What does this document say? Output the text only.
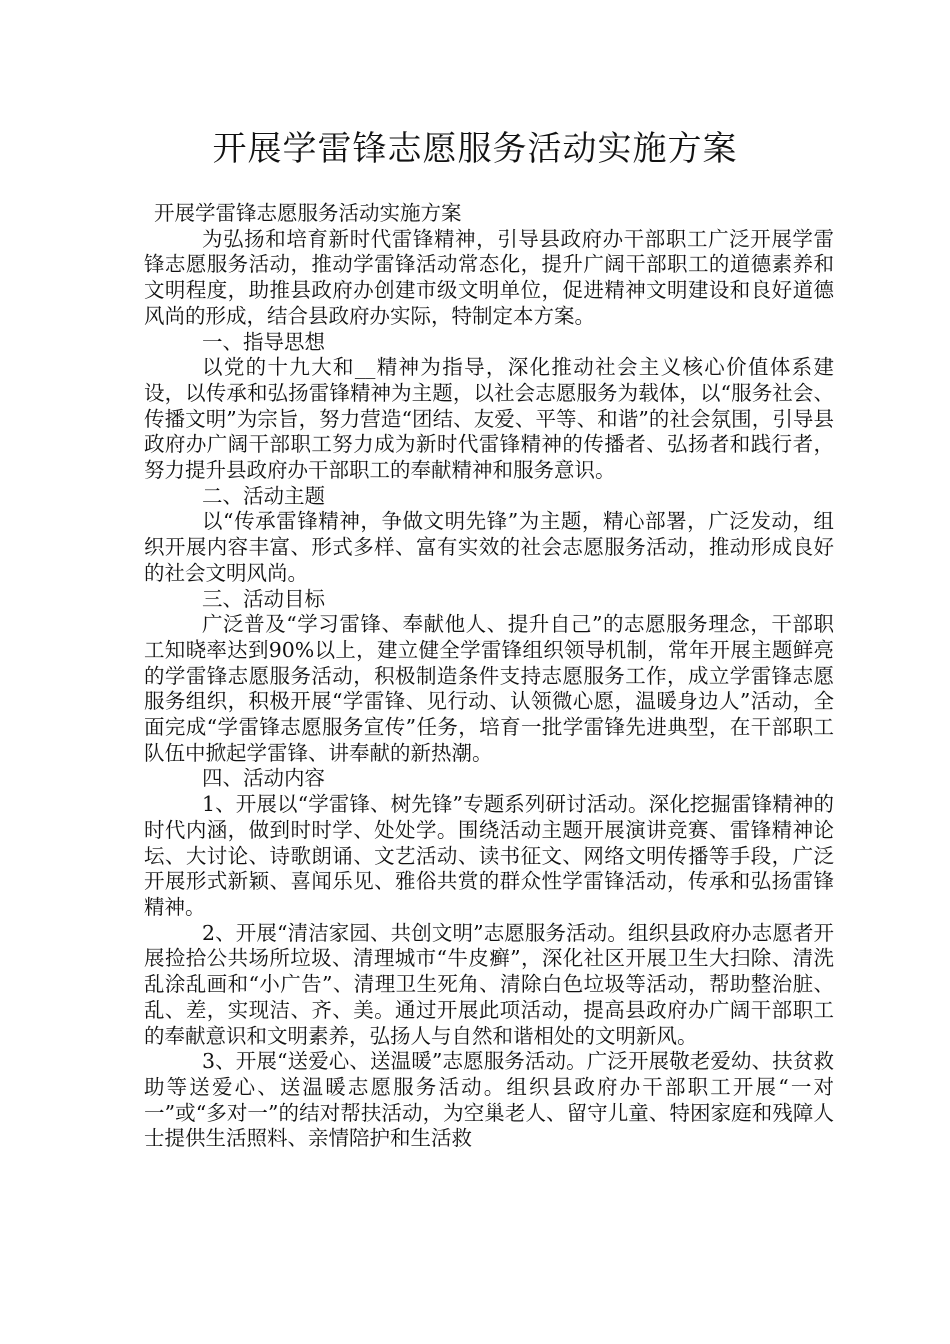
开展学雷锋志愿服务活动实施方案

开展学雷锋志愿服务活动实施方案

为弘扬和培育新时代雷锋精神，引导县政府办干部职工广泛开展学雷锋志愿服务活动，推动学雷锋活动常态化，提升广阔干部职工的道德素养和文明程度，助推县政府办创建市级文明单位，促进精神文明建设和良好道德风尚的形成，结合县政府办实际，特制定本方案。

一、指导思想

以党的十九大和__精神为指导，深化推动社会主义核心价值体系建设，以传承和弘扬雷锋精神为主题，以社会志愿服务为载体，以“服务社会、传播文明”为宗旨，努力营造“团结、友爱、平等、和谐”的社会氛围，引导县政府办广阔干部职工努力成为新时代雷锋精神的传播者、弘扬者和践行者，努力提升县政府办干部职工的奉献精神和服务意识。

二、活动主题

以“传承雷锋精神，争做文明先锋”为主题，精心部署，广泛发动，组织开展内容丰富、形式多样、富有实效的社会志愿服务活动，推动形成良好的社会文明风尚。

三、活动目标

广泛普及“学习雷锋、奉献他人、提升自己”的志愿服务理念，干部职工知晓率达到90%以上，建立健全学雷锋组织领导机制，常年开展主题鲜亮的学雷锋志愿服务活动，积极制造条件支持志愿服务工作，成立学雷锋志愿服务组织，积极开展“学雷锋、见行动、认领微心愿，温暖身边人”活动，全面完成“学雷锋志愿服务宣传”任务，培育一批学雷锋先进典型，在干部职工队伍中掀起学雷锋、讲奉献的新热潮。

四、活动内容

1、开展以“学雷锋、树先锋”专题系列研讨活动。深化挖掘雷锋精神的时代内涵，做到时时学、处处学。围绕活动主题开展演讲竞赛、雷锋精神论坛、大讨论、诗歌朗诵、文艺活动、读书征文、网络文明传播等手段，广泛开展形式新颖、喜闻乐见、雅俗共赏的群众性学雷锋活动，传承和弘扬雷锋精神。

2、开展“清洁家园、共创文明”志愿服务活动。组织县政府办志愿者开展捡拾公共场所垃圾、清理城市“牛皮癣”，深化社区开展卫生大扫除、清洗乱涂乱画和“小广告”、清理卫生死角、清除白色垃圾等活动，帮助整治脏、乱、差，实现洁、齐、美。通过开展此项活动，提高县政府办广阔干部职工的奉献意识和文明素养，弘扬人与自然和谐相处的文明新风。

3、开展“送爱心、送温暖”志愿服务活动。广泛开展敬老爱幼、扶贫救助等送爱心、送温暖志愿服务活动。组织县政府办干部职工开展“一对一”或“多对一”的结对帮扶活动，为空巢老人、留守儿童、特困家庭和残障人士提供生活照料、亲情陪护和生活救
